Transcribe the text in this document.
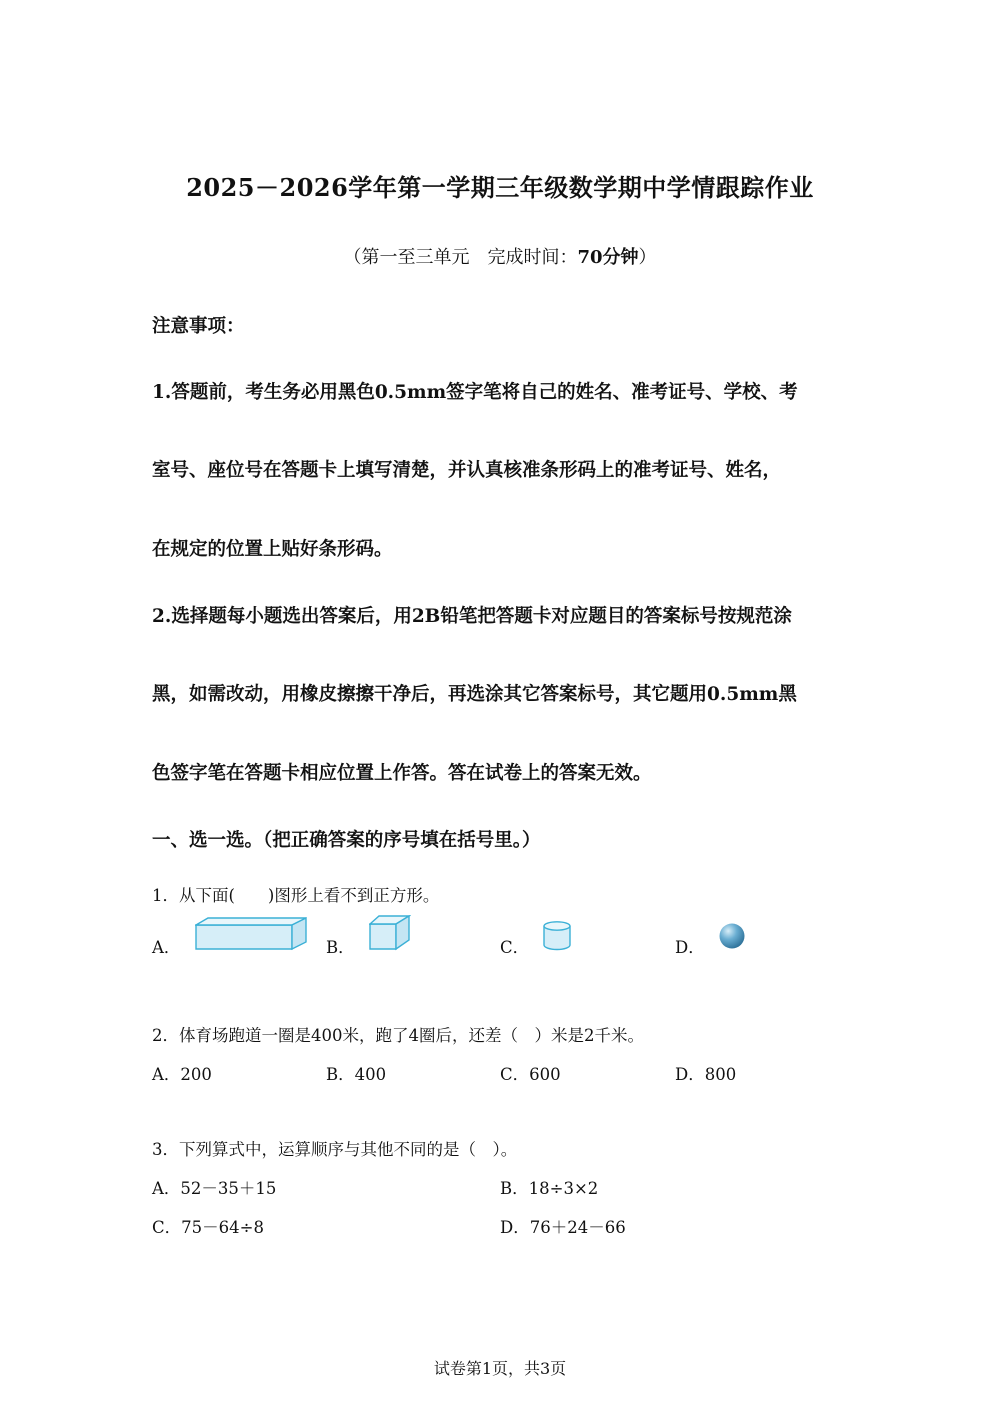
2025－2026学年第一学期三年级数学期中学情跟踪作业
（第一至三单元　完成时间：70分钟）
注意事项：
1.答题前，考生务必用黑色0.5mm签字笔将自己的姓名、准考证号、学校、考
室号、座位号在答题卡上填写清楚，并认真核准条形码上的准考证号、姓名，
在规定的位置上贴好条形码。
2.选择题每小题选出答案后，用2B铅笔把答题卡对应题目的答案标号按规范涂
黑，如需改动，用橡皮擦擦干净后，再选涂其它答案标号，其它题用0.5mm黑
色签字笔在答题卡相应位置上作答。答在试卷上的答案无效。
一、选一选。（把正确答案的序号填在括号里。）
1．从下面(　　)图形上看不到正方形。
A．	B．	C．	D．
2．体育场跑道一圈是400米，跑了4圈后，还差（　）米是2千米。
A．200	B．400	C．600	D．800
3．下列算式中，运算顺序与其他不同的是（　）。
A．52－35＋15	B．18÷3×2
C．75－64÷8	D．76＋24－66
试卷第1页，共3页
